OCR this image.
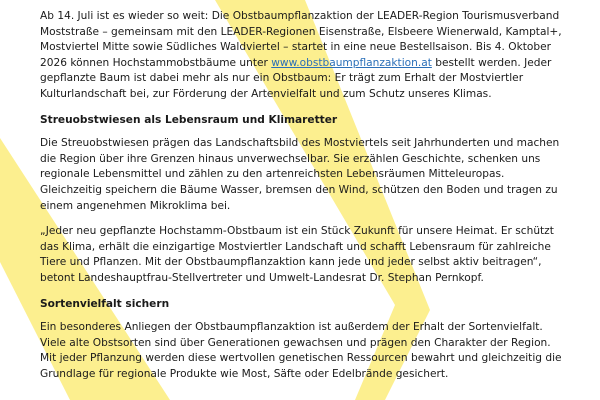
Ab 14. Juli ist es wieder so weit: Die Obstbaumpflanzaktion der LEADER-Region Tourismusverband Moststraße – gemeinsam mit den LEADER-Regionen Eisenstraße, Elsbeere Wienerwald, Kamptal+, Mostviertel Mitte sowie Südliches Waldviertel – startet in eine neue Bestellsaison. Bis 4. Oktober 2026 können Hochstammobstbäume unter www.obstbaumpflanzaktion.at bestellt werden. Jeder gepflanzte Baum ist dabei mehr als nur ein Obstbaum: Er trägt zum Erhalt der Mostviertler Kulturlandschaft bei, zur Förderung der Artenvielfalt und zum Schutz unseres Klimas.

Streuobstwiesen als Lebensraum und Klimaretter

Die Streuobstwiesen prägen das Landschaftsbild des Mostviertels seit Jahrhunderten und machen die Region über ihre Grenzen hinaus unverwechselbar. Sie erzählen Geschichte, schenken uns regionale Lebensmittel und zählen zu den artenreichsten Lebensräumen Mitteleuropas. Gleichzeitig speichern die Bäume Wasser, bremsen den Wind, schützen den Boden und tragen zu einem angenehmen Mikroklima bei.

„Jeder neu gepflanzte Hochstamm-Obstbaum ist ein Stück Zukunft für unsere Heimat. Er schützt das Klima, erhält die einzigartige Mostviertler Landschaft und schafft Lebensraum für zahlreiche Tiere und Pflanzen. Mit der Obstbaumpflanzaktion kann jede und jeder selbst aktiv beitragen“, betont Landeshauptfrau-Stellvertreter und Umwelt-Landesrat Dr. Stephan Pernkopf.

Sortenvielfalt sichern

Ein besonderes Anliegen der Obstbaumpflanzaktion ist außerdem der Erhalt der Sortenvielfalt. Viele alte Obstsorten sind über Generationen gewachsen und prägen den Charakter der Region. Mit jeder Pflanzung werden diese wertvollen genetischen Ressourcen bewahrt und gleichzeitig die Grundlage für regionale Produkte wie Most, Säfte oder Edelbrände gesichert.
